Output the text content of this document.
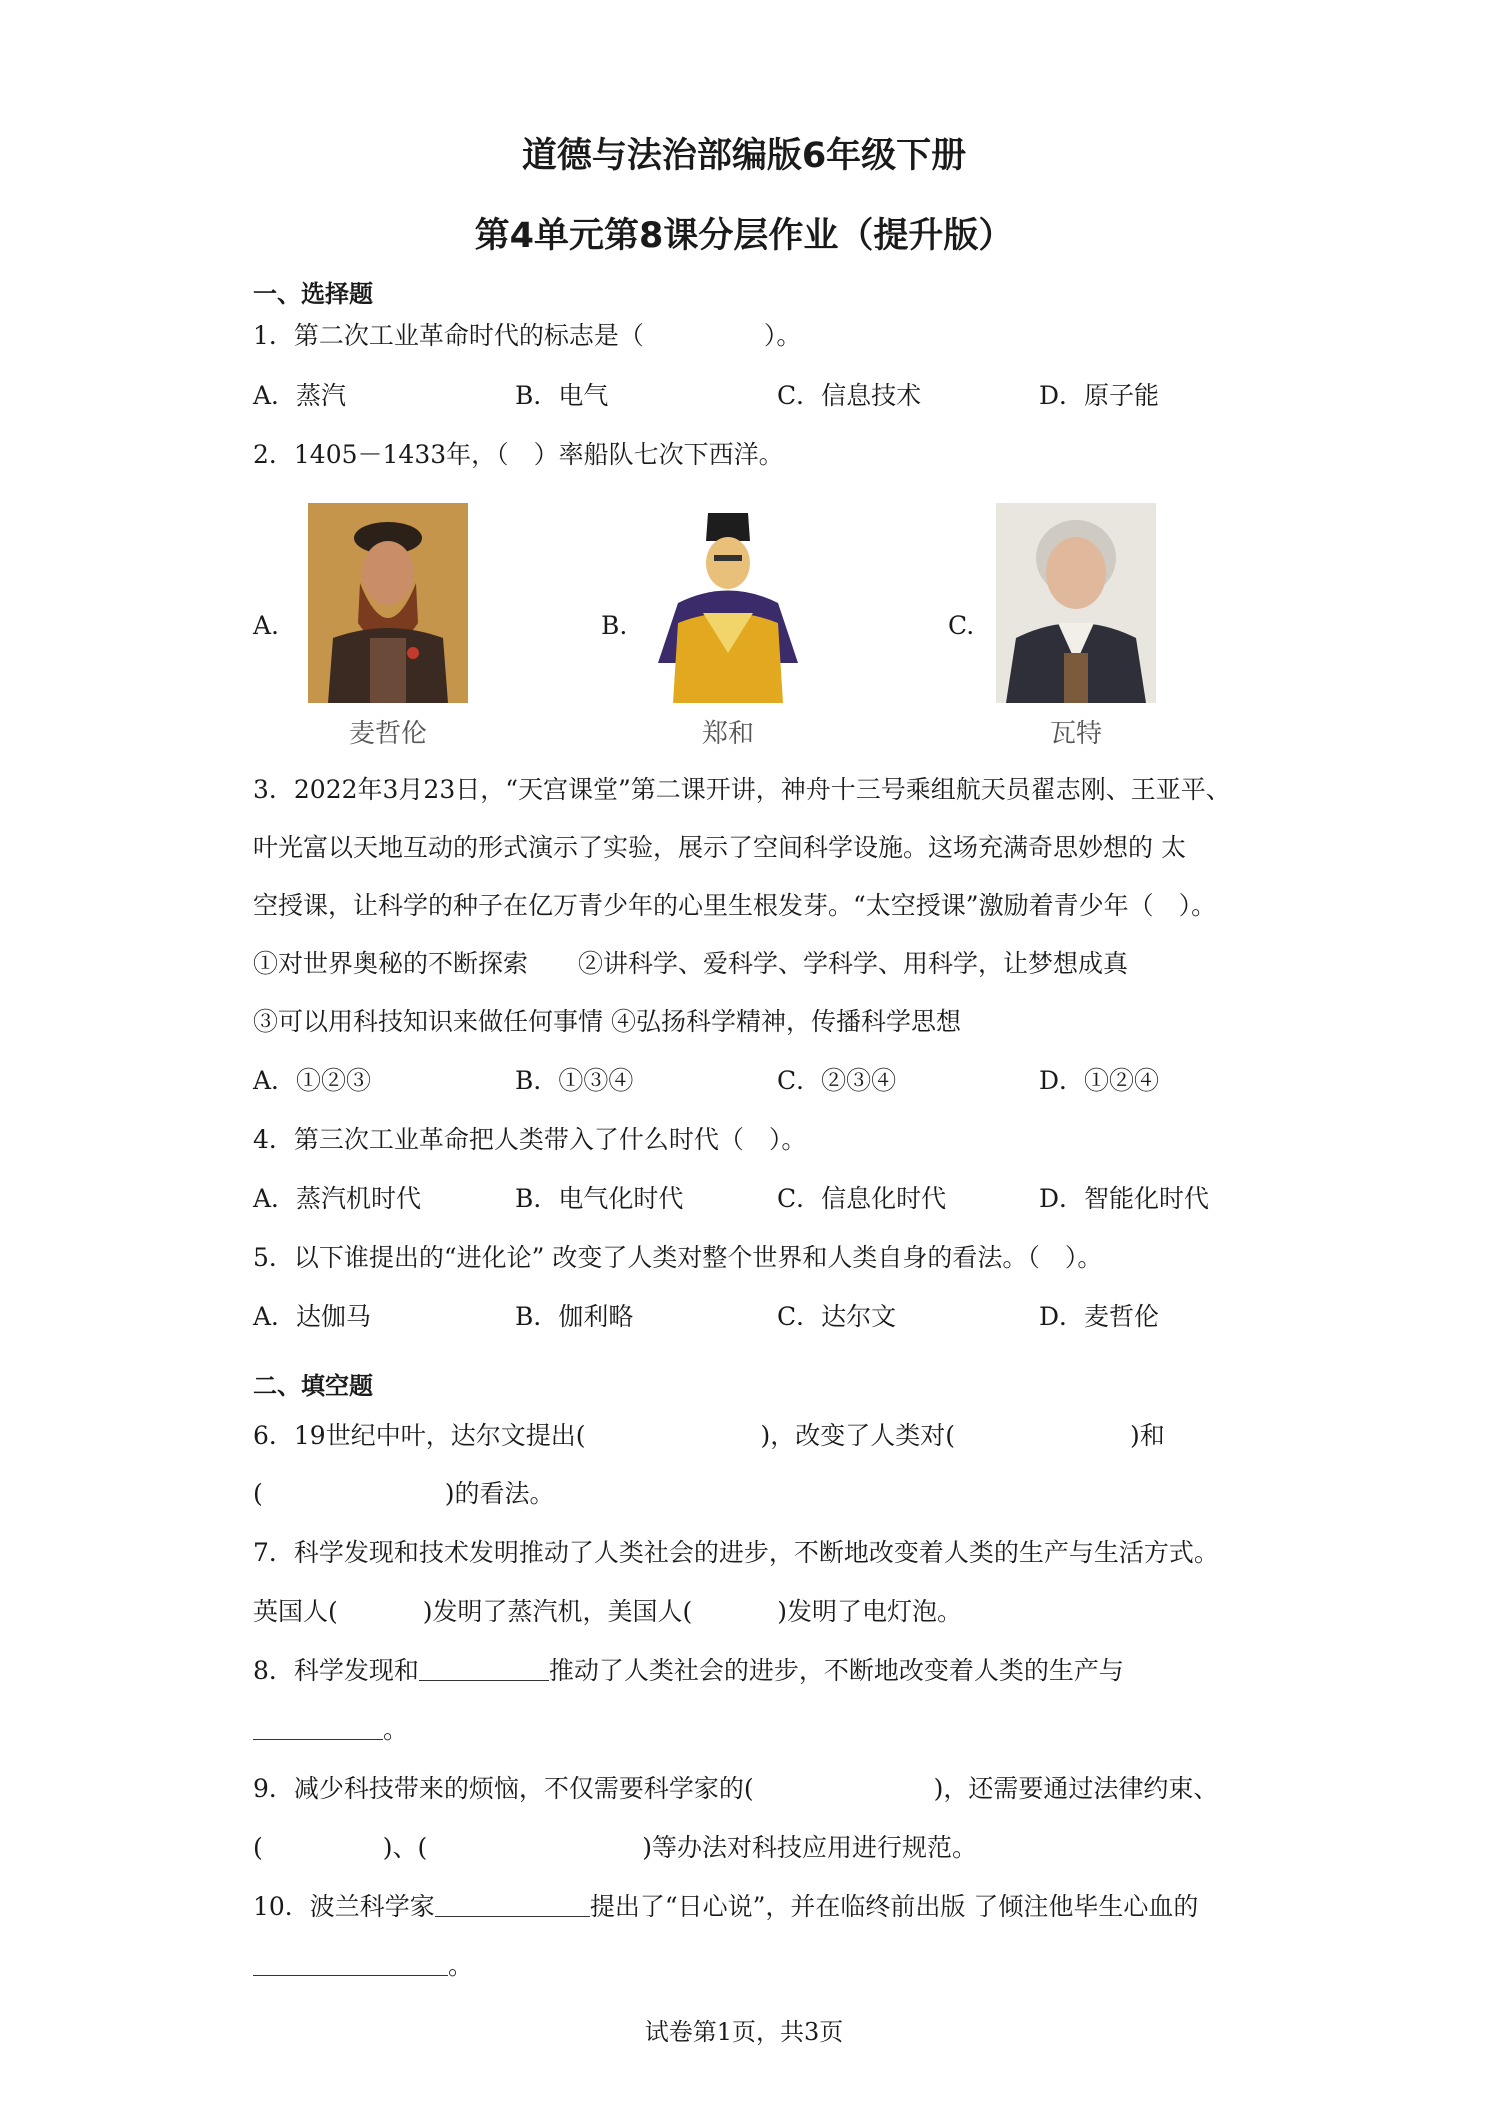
道德与法治部编版6年级下册
第4单元第8课分层作业（提升版）
一、选择题
1．第二次工业革命时代的标志是（	）。
A．蒸汽	B．电气	C．信息技术	D．原子能
2．1405－1433年，（　）率船队七次下西洋。
A.
麦哲伦
B.
郑和
C.
瓦特
3．2022年3月23日，“天宫课堂”第二课开讲，神舟十三号乘组航天员翟志刚、王亚平、
叶光富以天地互动的形式演示了实验，展示了空间科学设施。这场充满奇思妙想的 太
空授课，让科学的种子在亿万青少年的心里生根发芽。“太空授课”激励着青少年（　）。
①对世界奥秘的不断探索　　②讲科学、爱科学、学科学、用科学，让梦想成真
③可以用科技知识来做任何事情 ④弘扬科学精神，传播科学思想
A．①②③	B．①③④	C．②③④	D．①②④
4．第三次工业革命把人类带入了什么时代（　）。
A．蒸汽机时代	B．电气化时代	C．信息化时代	D．智能化时代
5．以下谁提出的“进化论” 改变了人类对整个世界和人类自身的看法。（　）。
A．达伽马	B．伽利略	C．达尔文	D．麦哲伦
二、填空题
6．19世纪中叶，达尔文提出(	)，改变了人类对(	)和
(	)的看法。
7．科学发现和技术发明推动了人类社会的进步，不断地改变着人类的生产与生活方式。
英国人(	)发明了蒸汽机，美国人(	)发明了电灯泡。
8．科学发现和	推动了人类社会的进步，不断地改变着人类的生产与
。
9．减少科技带来的烦恼，不仅需要科学家的(	)，还需要通过法律约束、
(	)、(	)等办法对科技应用进行规范。
10．波兰科学家	提出了“日心说”，并在临终前出版 了倾注他毕生心血的
。
试卷第1页，共3页
